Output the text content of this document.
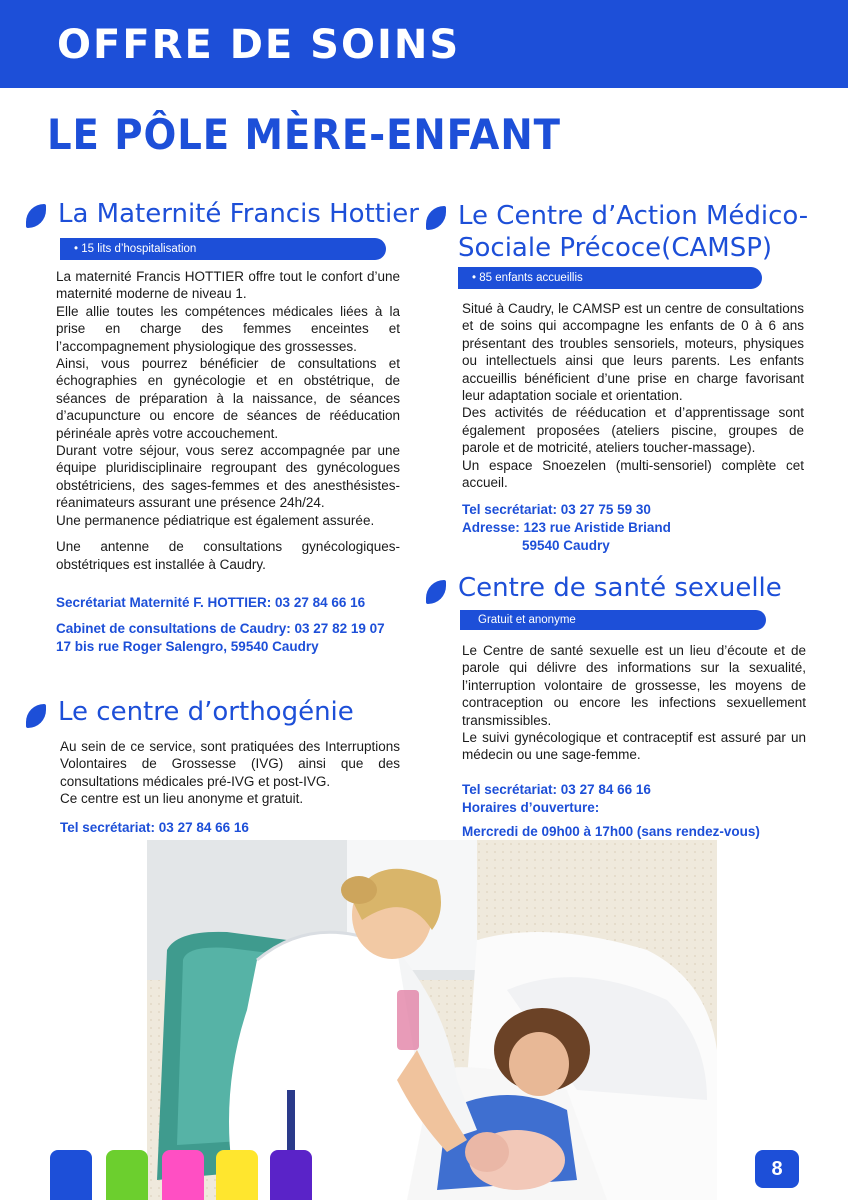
OFFRE DE SOINS
LE PÔLE MÈRE-ENFANT
La Maternité Francis Hottier
• 15 lits d’hospitalisation

La maternité Francis HOTTIER offre tout le confort d’une maternité moderne de niveau 1.

Elle allie toutes les compétences médicales liées à la prise en charge des femmes enceintes et l’accompagnement physiologique des grossesses.

Ainsi, vous pourrez bénéficier de consultations et échographies en gynécologie et en obstétrique, de séances de préparation à la naissance, de séances d’acupuncture ou encore de séances de rééducation périnéale après votre accouchement.

Durant votre séjour, vous serez accompagnée par une équipe pluridisciplinaire regroupant des gynécologues obstétriciens, des sages-femmes et des anesthésistes-réanimateurs assurant une présence 24h/24.

Une permanence pédiatrique est également assurée.

Une antenne de consultations gynécologiques-obstétriques est installée à Caudry.

Secrétariat Maternité F. HOTTIER: 03 27 84 66 16
Cabinet de consultations de Caudry: 03 27 82 19 07
17 bis rue Roger Salengro, 59540 Caudry
Le centre d’orthogénie

Au sein de ce service, sont pratiquées des Interruptions Volontaires de Grossesse (IVG) ainsi que des consultations médicales pré-IVG et post-IVG.

Ce centre est un lieu anonyme et gratuit.

Tel secrétariat: 03 27 84 66 16
Le Centre d’Action Médico-
Sociale Précoce(CAMSP)
• 85 enfants accueillis

Situé à Caudry, le CAMSP est un centre de consultations et de soins qui accompagne les enfants de 0 à 6 ans présentant des troubles sensoriels, moteurs, physiques ou intellectuels ainsi que leurs parents. Les enfants accueillis bénéficient d’une prise en charge favorisant leur adaptation sociale et orientation.

Des activités de rééducation et d’apprentissage sont également proposées (ateliers piscine, groupes de parole et de motricité, ateliers toucher-massage).

Un espace Snoezelen (multi-sensoriel) complète cet accueil.

Tel secrétariat: 03 27 75 59 30
Adresse: 123 rue Aristide Briand
59540 Caudry
Centre de santé sexuelle
Gratuit et anonyme

Le Centre de santé sexuelle est un lieu d’écoute et de parole qui délivre des informations sur la sexualité, l’interruption volontaire de grossesse, les moyens de contraception ou encore les infections sexuellement transmissibles.

Le suivi gynécologique et contraceptif est assuré par un médecin ou une sage-femme.

Tel secrétariat: 03 27 84 66 16
Horaires d’ouverture:
Mercredi de 09h00 à 17h00 (sans rendez-vous)
8
